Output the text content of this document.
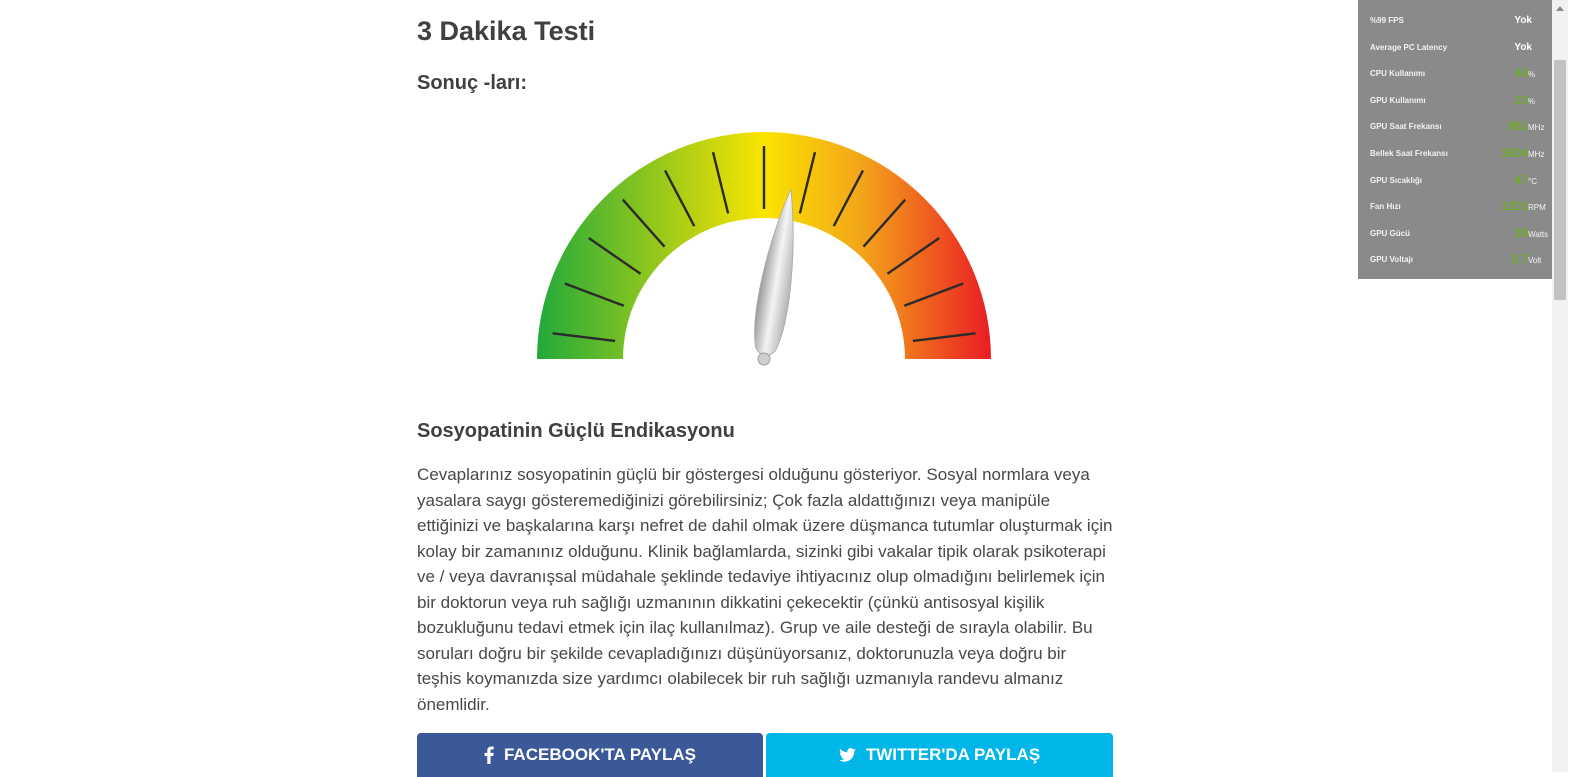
3 Dakika Testi
Sonuç -ları:
Sosyopatinin Güçlü Endikasyonu

Cevaplarınız sosyopatinin güçlü bir göstergesi olduğunu gösteriyor. Sosyal normlara veya yasalara saygı gösteremediğinizi görebilirsiniz; Çok fazla aldattığınızı veya manipüle ettiğinizi ve başkalarına karşı nefret de dahil olmak üzere düşmanca tutumlar oluşturmak için kolay bir zamanınız olduğunu. Klinik bağlamlarda, sizinki gibi vakalar tipik olarak psikoterapi ve / veya davranışsal müdahale şeklinde tedaviye ihtiyacınız olup olmadığını belirlemek için bir doktorun veya ruh sağlığı uzmanının dikkatini çekecektir (çünkü antisosyal kişilik bozukluğunu tedavi etmek için ilaç kullanılmaz). Grup ve aile desteği de sırayla olabilir. Bu soruları doğru bir şekilde cevapladığınızı düşünüyorsanız, doktorunuzla veya doğru bir teşhis koymanızda size yardımcı olabilecek bir ruh sağlığı uzmanıyla randevu almanız önemlidir.

FACEBOOK'TA PAYLAŞ	TWITTER'DA PAYLAŞ
%99 FPS	Yok
Average PC Latency	Yok
CPU Kullanımı	48 %
GPU Kullanımı	23 %
GPU Saat Frekansı	961 MHz
Bellek Saat Frekansı	3504 MHz
GPU Sıcaklığı	47 °C
Fan Hızı	1201 RPM
GPU Gücü	39 Watts
GPU Voltajı	0.7 Volt
